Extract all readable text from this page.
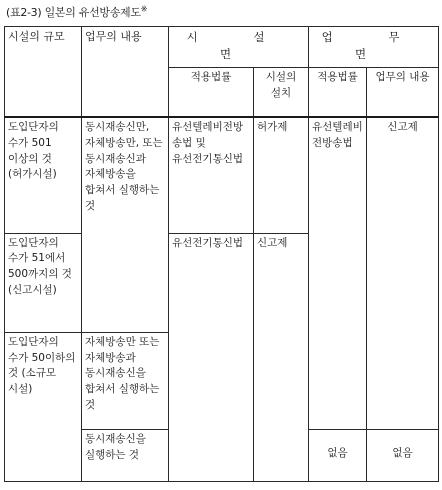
(표2-3) 일본의 유선방송제도※
시설의 규모	업무의 내용	시 설 면		업 무 면	
		적용법률	시설의 설치	적용법률	업무의 내용
도입단자의 수가 501 이상의 것 (허가시설)	동시재송신만, 자체방송만, 또는 동시재송신과 자체방송을 합쳐서 실행하는 것	유선텔레비전방송법 및 유선전기통신법	허가제	유선텔레비전방송법	신고제
도입단자의 수가 51에서 500까지의 것 (신고시설)		유선전기통신법	신고제		
도입단자의 수가 50이하의 것 (소규모 시설)	자체방송만 또는 자체방송과 동시재송신을 합쳐서 실행하는 것				
	동시재송신을 실행하는 것			없음	없음
